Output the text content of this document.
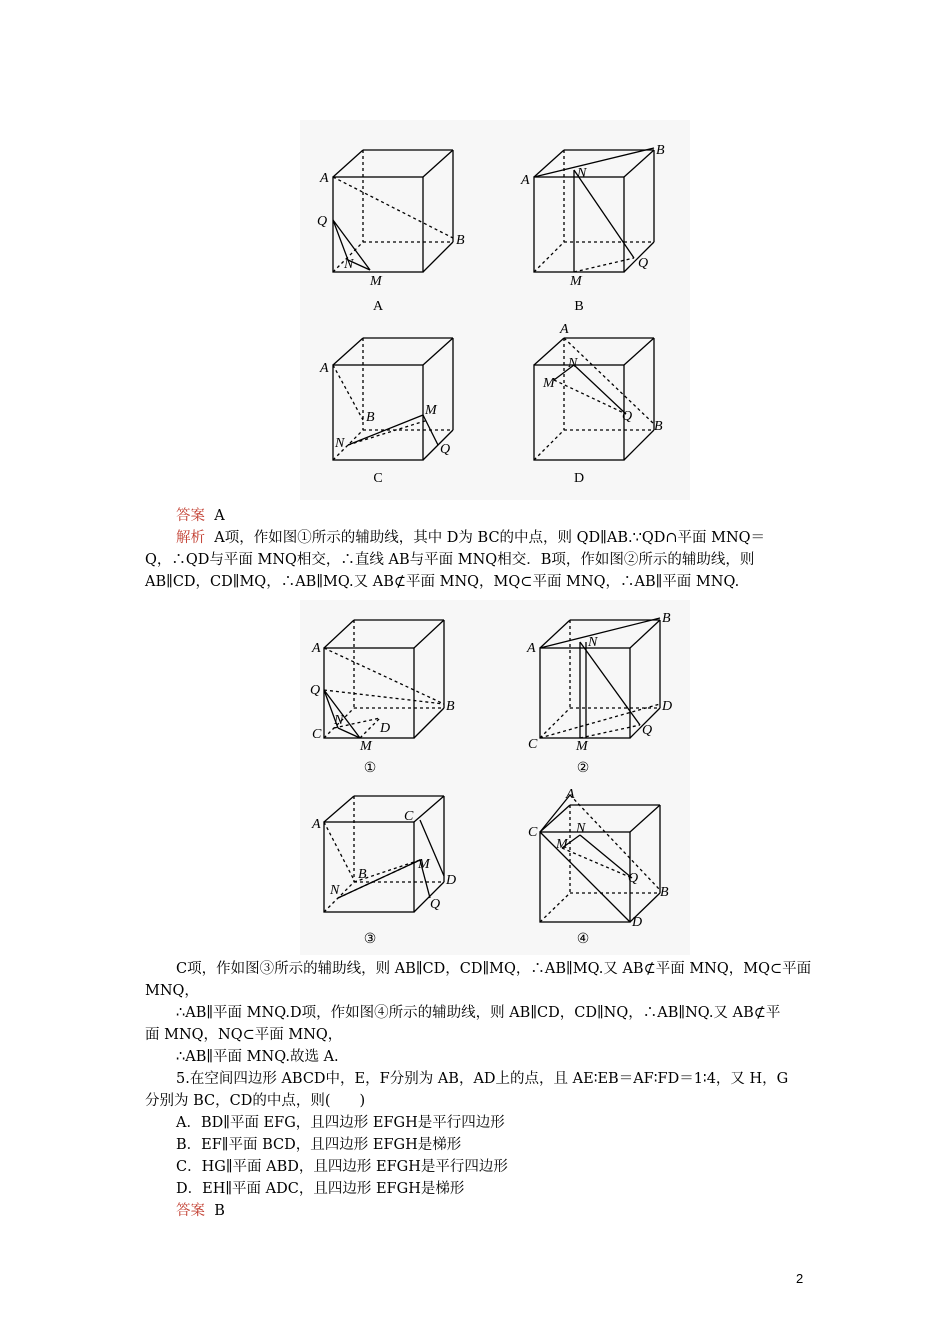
A
Q
B
N
M
B
A	N
Q
M
A
B	M
N	Q
A
N
M
Q
B
A	B
C	D
答案 A
解析 A项，作如图①所示的辅助线，其中 D为 BC的中点，则 QD∥AB.∵QD∩平面 MNQ＝
Q，∴QD与平面 MNQ相交，∴直线 AB与平面 MNQ相交．B项，作如图②所示的辅助线，则
AB∥CD，CD∥MQ，∴AB∥MQ.又 AB⊄平面 MNQ，MQ⊂平面 MNQ，∴AB∥平面 MNQ.
A
Q
B
C
N
D
M
B
A	N
D
Q
C	M
A
C
M
B
N
D
Q
A
C	N
M
Q
B
D
①	②
③	④
C项，作如图③所示的辅助线，则 AB∥CD，CD∥MQ，∴AB∥MQ.又 AB⊄平面 MNQ，MQ⊂平面
MNQ，
∴AB∥平面 MNQ.D项，作如图④所示的辅助线，则 AB∥CD，CD∥NQ，∴AB∥NQ.又 AB⊄平
面 MNQ，NQ⊂平面 MNQ，
∴AB∥平面 MNQ.故选 A.
5.在空间四边形 ABCD中，E，F分别为 AB，AD上的点，且 AE∶EB＝AF∶FD＝1∶4，又 H，G
分别为 BC，CD的中点，则(　　)
A．BD∥平面 EFG，且四边形 EFGH是平行四边形
B．EF∥平面 BCD，且四边形 EFGH是梯形
C．HG∥平面 ABD，且四边形 EFGH是平行四边形
D．EH∥平面 ADC，且四边形 EFGH是梯形
答案 B
2
